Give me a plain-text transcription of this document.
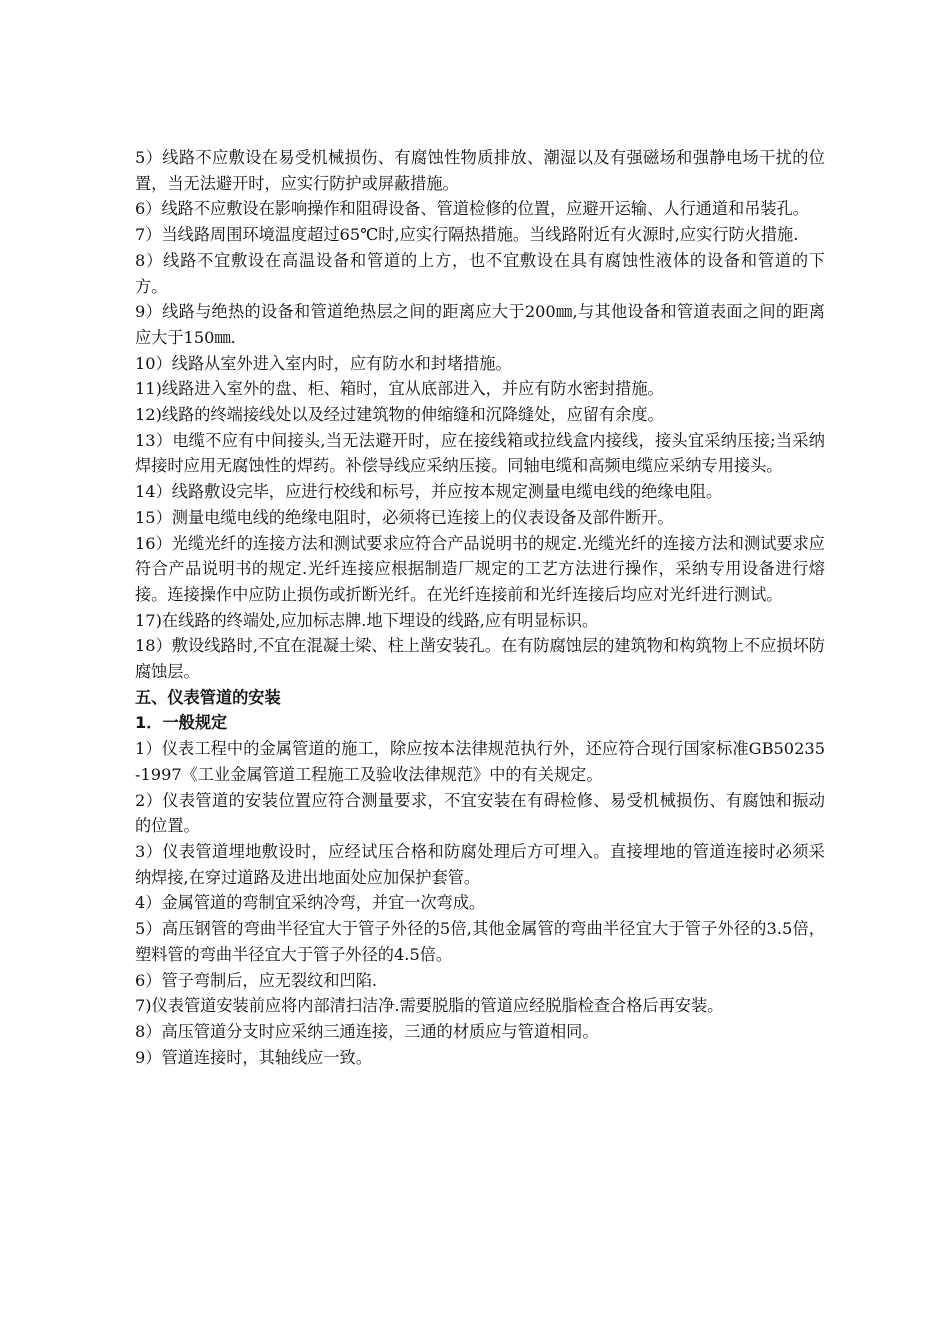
5）线路不应敷设在易受机械损伤、有腐蚀性物质排放、潮湿以及有强磁场和强静电场干扰的位置，当无法避开时，应实行防护或屏蔽措施。

6）线路不应敷设在影响操作和阻碍设备、管道检修的位置，应避开运输、人行通道和吊装孔。

7）当线路周围环境温度超过65℃时,应实行隔热措施。当线路附近有火源时,应实行防火措施.

8）线路不宜敷设在高温设备和管道的上方，也不宜敷设在具有腐蚀性液体的设备和管道的下方。

9）线路与绝热的设备和管道绝热层之间的距离应大于200㎜,与其他设备和管道表面之间的距离应大于150㎜.

10）线路从室外进入室内时，应有防水和封堵措施。

11)线路进入室外的盘、柜、箱时，宜从底部进入，并应有防水密封措施。

12)线路的终端接线处以及经过建筑物的伸缩缝和沉降缝处，应留有余度。

13）电缆不应有中间接头,当无法避开时，应在接线箱或拉线盒内接线，接头宜采纳压接;当采纳焊接时应用无腐蚀性的焊药。补偿导线应采纳压接。同轴电缆和高频电缆应采纳专用接头。

14）线路敷设完毕，应进行校线和标号，并应按本规定测量电缆电线的绝缘电阻。

15）测量电缆电线的绝缘电阻时，必须将已连接上的仪表设备及部件断开。

16）光缆光纤的连接方法和测试要求应符合产品说明书的规定.光缆光纤的连接方法和测试要求应符合产品说明书的规定.光纤连接应根据制造厂规定的工艺方法进行操作，采纳专用设备进行熔接。连接操作中应防止损伤或折断光纤。在光纤连接前和光纤连接后均应对光纤进行测试。

17)在线路的终端处,应加标志牌.地下埋设的线路,应有明显标识。

18）敷设线路时,不宜在混凝土梁、柱上凿安装孔。在有防腐蚀层的建筑物和构筑物上不应损坏防腐蚀层。

五、仪表管道的安装
1．一般规定

1）仪表工程中的金属管道的施工，除应按本法律规范执行外，还应符合现行国家标准GB50235-1997《工业金属管道工程施工及验收法律规范》中的有关规定。

2）仪表管道的安装位置应符合测量要求，不宜安装在有碍检修、易受机械损伤、有腐蚀和振动的位置。

3）仪表管道埋地敷设时，应经试压合格和防腐处理后方可埋入。直接埋地的管道连接时必须采纳焊接,在穿过道路及进出地面处应加保护套管。

4）金属管道的弯制宜采纳冷弯，并宜一次弯成。

5）高压钢管的弯曲半径宜大于管子外径的5倍,其他金属管的弯曲半径宜大于管子外径的3.5倍，塑料管的弯曲半径宜大于管子外径的4.5倍。

6）管子弯制后，应无裂纹和凹陷.

7)仪表管道安装前应将内部清扫洁净.需要脱脂的管道应经脱脂检查合格后再安装。

8）高压管道分支时应采纳三通连接，三通的材质应与管道相同。

9）管道连接时，其轴线应一致。
